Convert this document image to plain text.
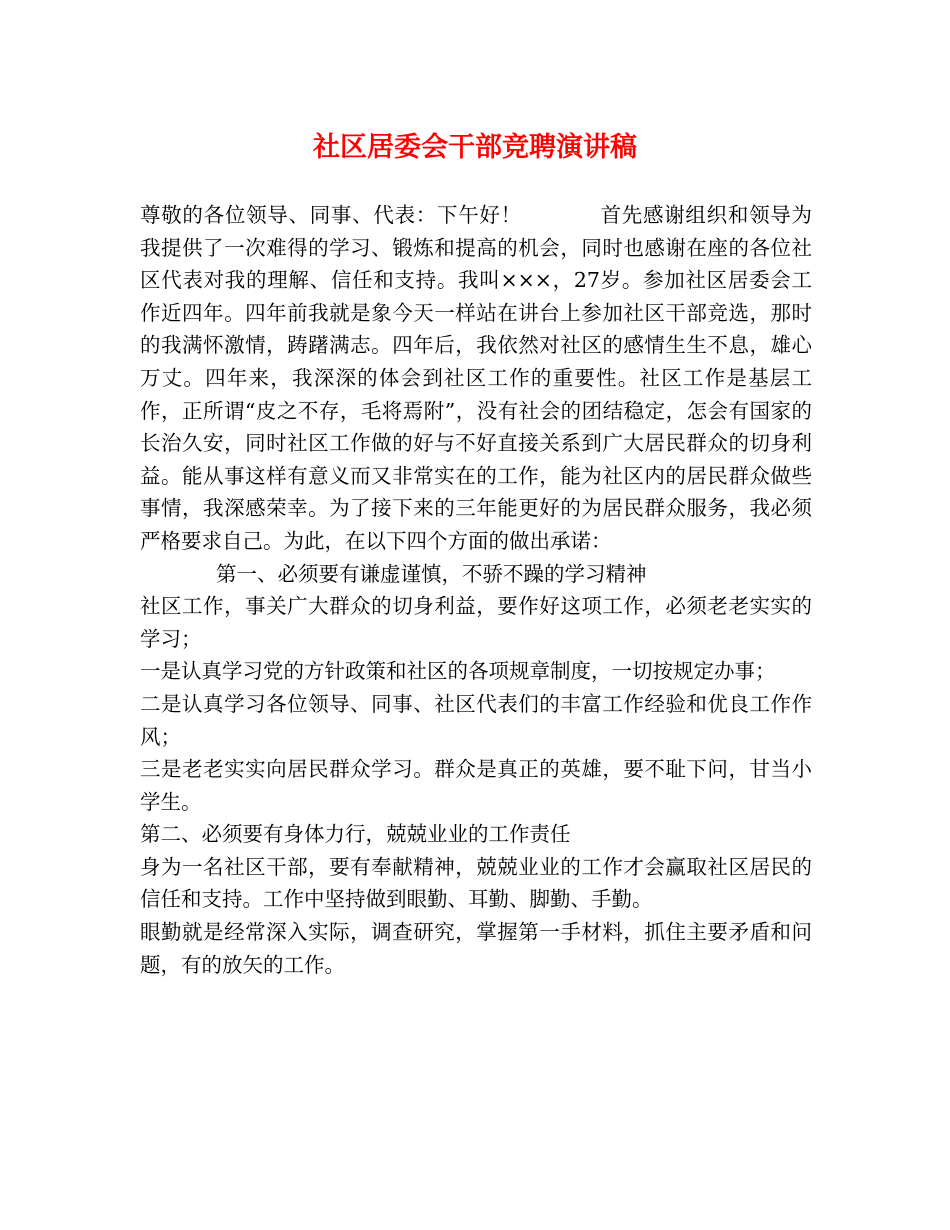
社区居委会干部竞聘演讲稿

尊敬的各位领导、同事、代表：下午好！	首先感谢组织和领导为我提供了一次难得的学习、锻炼和提高的机会，同时也感谢在座的各位社区代表对我的理解、信任和支持。我叫×××，27岁。参加社区居委会工作近四年。四年前我就是象今天一样站在讲台上参加社区干部竞选，那时的我满怀激情，踌躇满志。四年后，我依然对社区的感情生生不息，雄心万丈。四年来，我深深的体会到社区工作的重要性。社区工作是基层工作，正所谓“皮之不存，毛将焉附”，没有社会的团结稳定，怎会有国家的长治久安，同时社区工作做的好与不好直接关系到广大居民群众的切身利益。能从事这样有意义而又非常实在的工作，能为社区内的居民群众做些事情，我深感荣幸。为了接下来的三年能更好的为居民群众服务，我必须严格要求自己。为此，在以下四个方面的做出承诺：

第一、必须要有谦虚谨慎，不骄不躁的学习精神

社区工作，事关广大群众的切身利益，要作好这项工作，必须老老实实的学习；

一是认真学习党的方针政策和社区的各项规章制度，一切按规定办事；

二是认真学习各位领导、同事、社区代表们的丰富工作经验和优良工作作风；

三是老老实实向居民群众学习。群众是真正的英雄，要不耻下问，甘当小学生。

第二、必须要有身体力行，兢兢业业的工作责任

身为一名社区干部，要有奉献精神，兢兢业业的工作才会赢取社区居民的信任和支持。工作中坚持做到眼勤、耳勤、脚勤、手勤。

眼勤就是经常深入实际，调查研究，掌握第一手材料，抓住主要矛盾和问题，有的放矢的工作。
